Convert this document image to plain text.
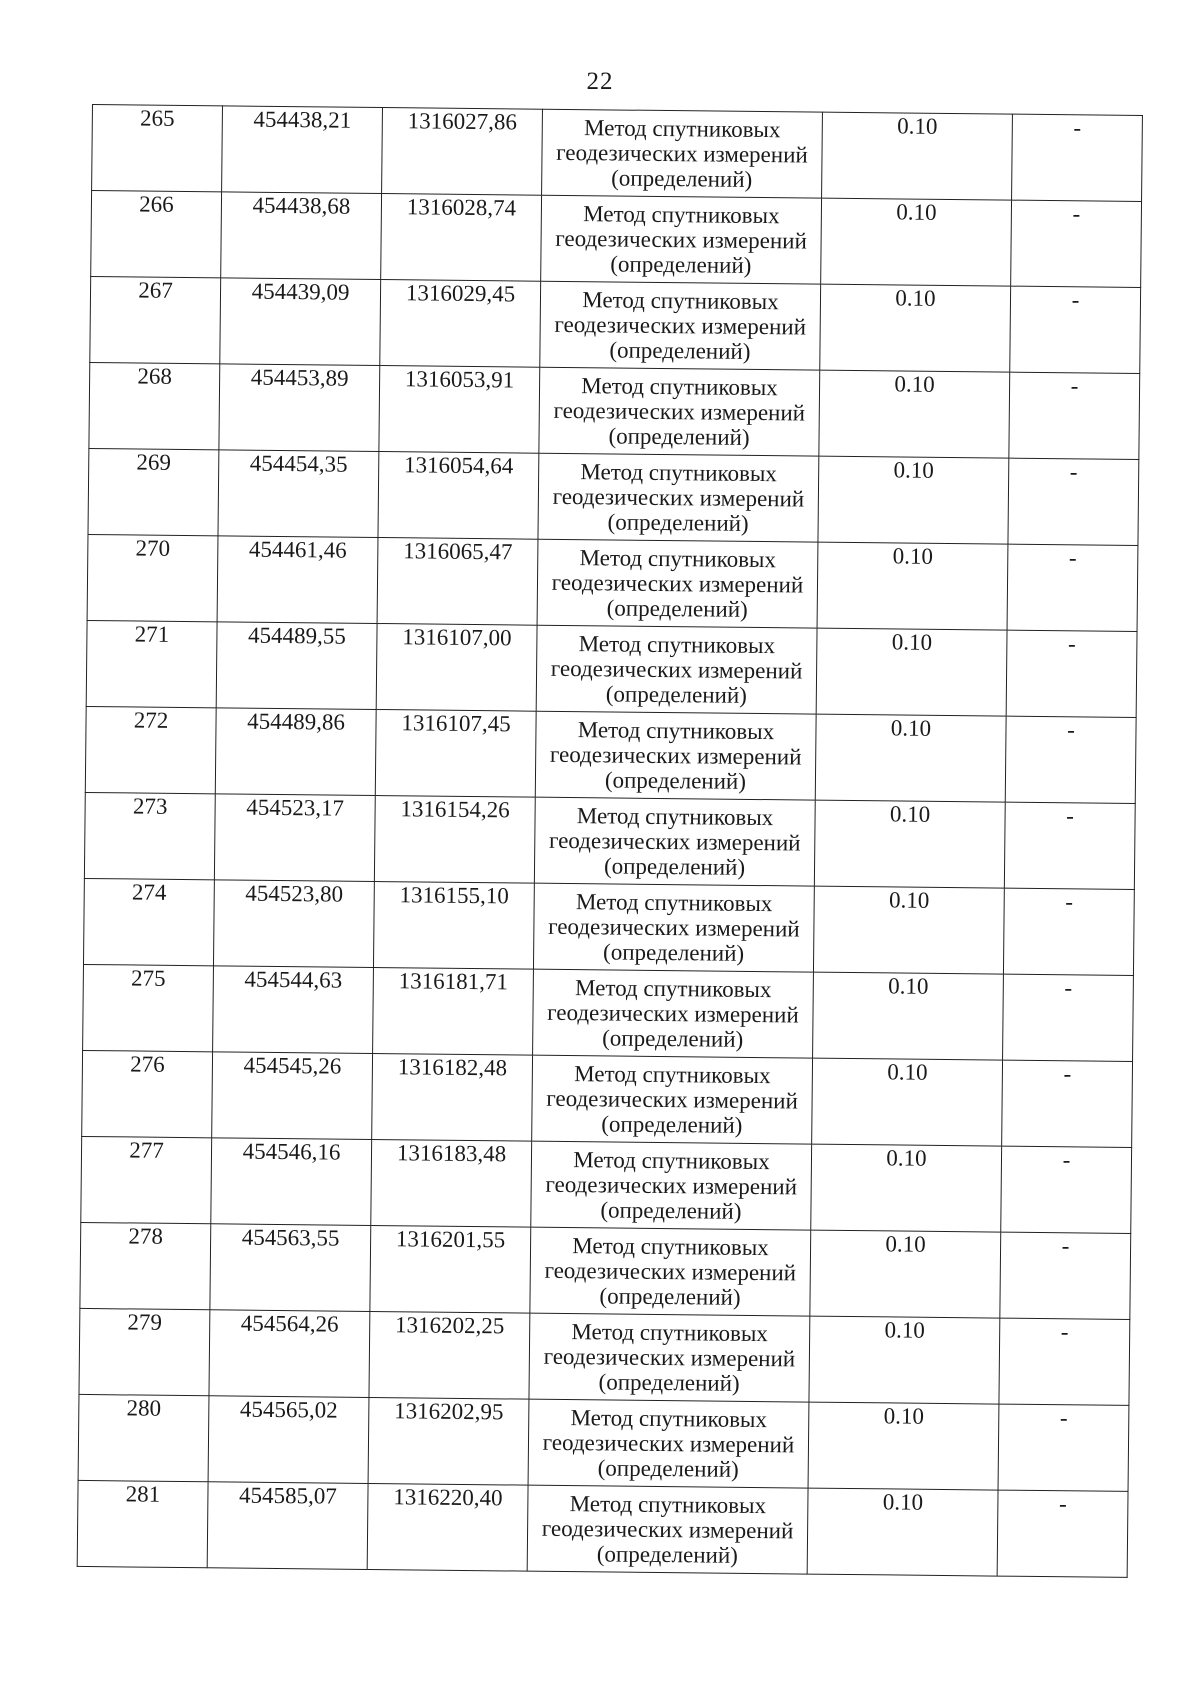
22
265	454438,21	1316027,86	Метод спутниковых
геодезических измерений
(определений)	0.10	-
266	454438,68	1316028,74	Метод спутниковых
геодезических измерений
(определений)	0.10	-
267	454439,09	1316029,45	Метод спутниковых
геодезических измерений
(определений)	0.10	-
268	454453,89	1316053,91	Метод спутниковых
геодезических измерений
(определений)	0.10	-
269	454454,35	1316054,64	Метод спутниковых
геодезических измерений
(определений)	0.10	-
270	454461,46	1316065,47	Метод спутниковых
геодезических измерений
(определений)	0.10	-
271	454489,55	1316107,00	Метод спутниковых
геодезических измерений
(определений)	0.10	-
272	454489,86	1316107,45	Метод спутниковых
геодезических измерений
(определений)	0.10	-
273	454523,17	1316154,26	Метод спутниковых
геодезических измерений
(определений)	0.10	-
274	454523,80	1316155,10	Метод спутниковых
геодезических измерений
(определений)	0.10	-
275	454544,63	1316181,71	Метод спутниковых
геодезических измерений
(определений)	0.10	-
276	454545,26	1316182,48	Метод спутниковых
геодезических измерений
(определений)	0.10	-
277	454546,16	1316183,48	Метод спутниковых
геодезических измерений
(определений)	0.10	-
278	454563,55	1316201,55	Метод спутниковых
геодезических измерений
(определений)	0.10	-
279	454564,26	1316202,25	Метод спутниковых
геодезических измерений
(определений)	0.10	-
280	454565,02	1316202,95	Метод спутниковых
геодезических измерений
(определений)	0.10	-
281	454585,07	1316220,40	Метод спутниковых
геодезических измерений
(определений)	0.10	-
